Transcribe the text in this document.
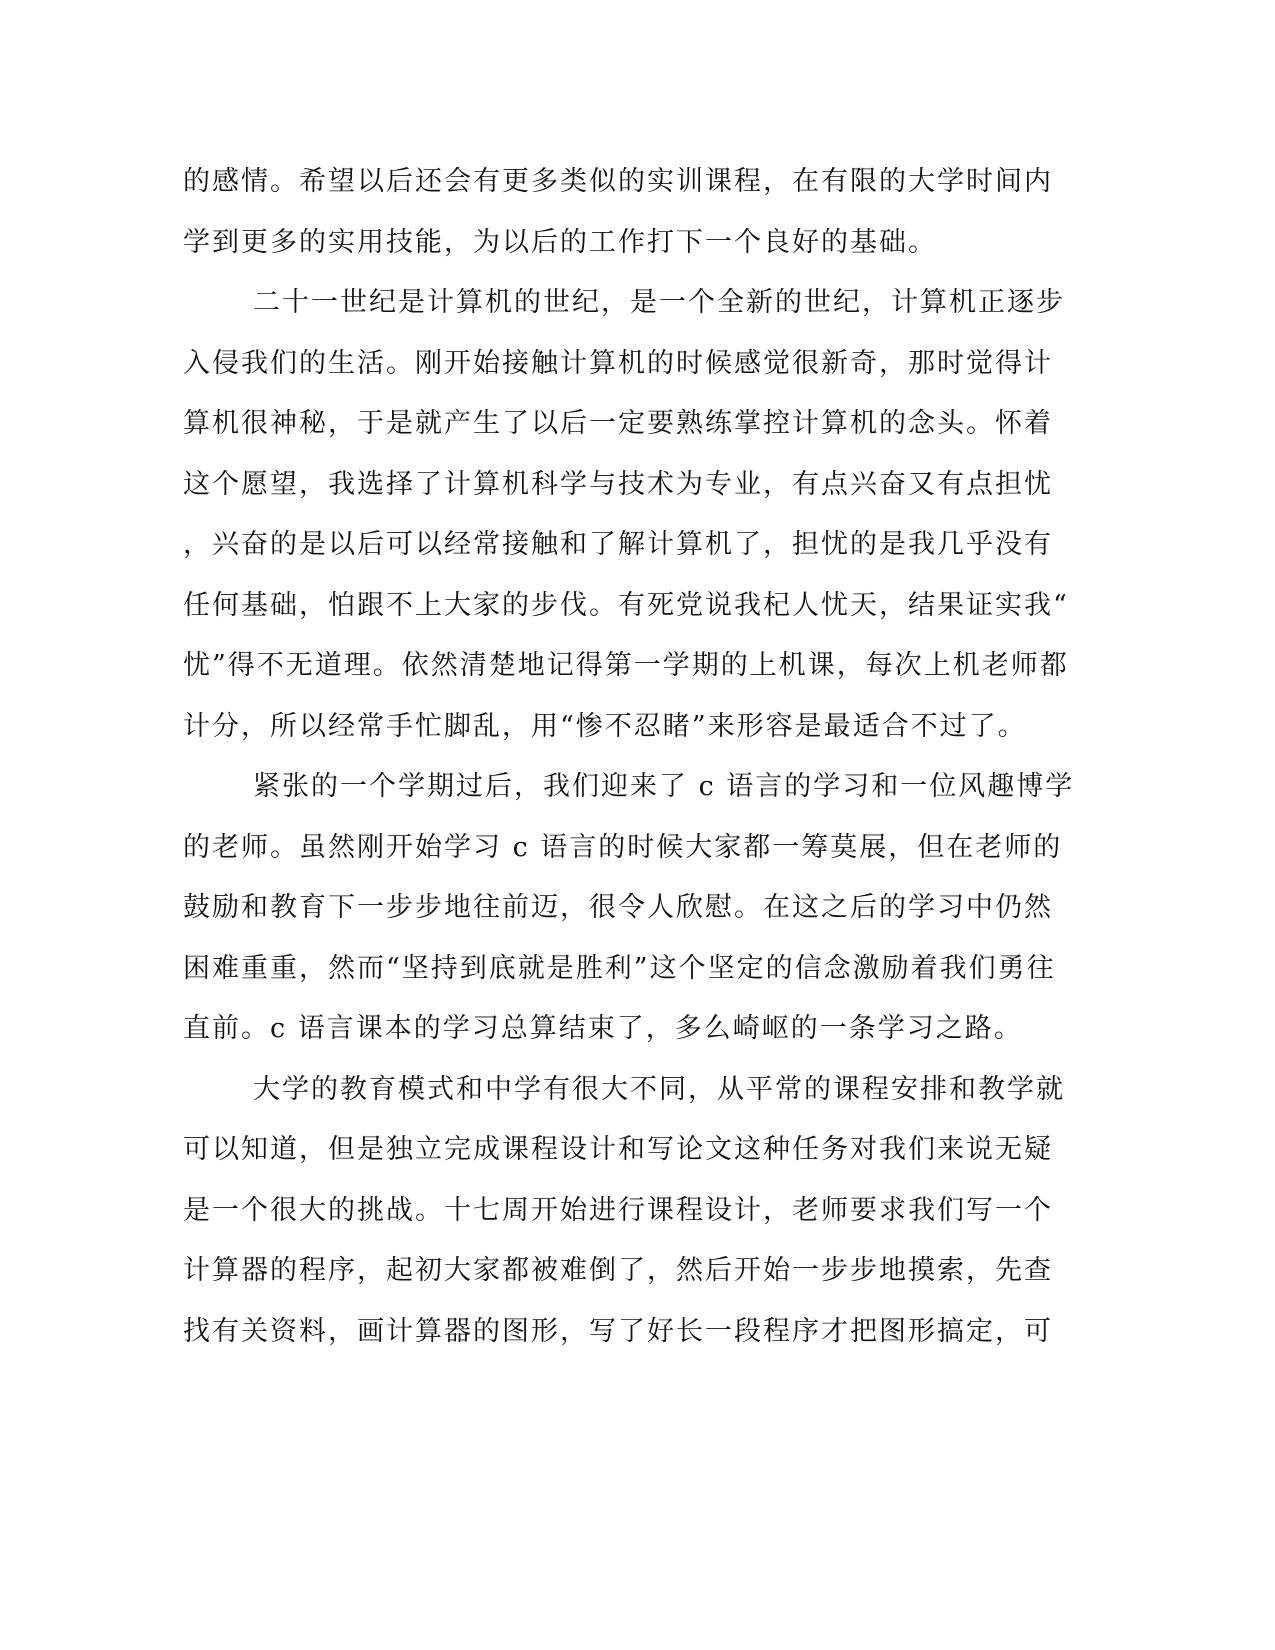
的感情。希望以后还会有更多类似的实训课程，在有限的大学时间内
学到更多的实用技能，为以后的工作打下一个良好的基础。
二十一世纪是计算机的世纪，是一个全新的世纪，计算机正逐步
入侵我们的生活。刚开始接触计算机的时候感觉很新奇，那时觉得计
算机很神秘，于是就产生了以后一定要熟练掌控计算机的念头。怀着
这个愿望，我选择了计算机科学与技术为专业，有点兴奋又有点担忧
，兴奋的是以后可以经常接触和了解计算机了，担忧的是我几乎没有
任何基础，怕跟不上大家的步伐。有死党说我杞人忧天，结果证实我“
忧”得不无道理。依然清楚地记得第一学期的上机课，每次上机老师都
计分，所以经常手忙脚乱，用“惨不忍睹”来形容是最适合不过了。
紧张的一个学期过后，我们迎来了 c 语言的学习和一位风趣博学
的老师。虽然刚开始学习 c 语言的时候大家都一筹莫展，但在老师的
鼓励和教育下一步步地往前迈，很令人欣慰。在这之后的学习中仍然
困难重重，然而“坚持到底就是胜利”这个坚定的信念激励着我们勇往
直前。c 语言课本的学习总算结束了，多么崎岖的一条学习之路。
大学的教育模式和中学有很大不同，从平常的课程安排和教学就
可以知道，但是独立完成课程设计和写论文这种任务对我们来说无疑
是一个很大的挑战。十七周开始进行课程设计，老师要求我们写一个
计算器的程序，起初大家都被难倒了，然后开始一步步地摸索，先查
找有关资料，画计算器的图形，写了好长一段程序才把图形搞定，可
